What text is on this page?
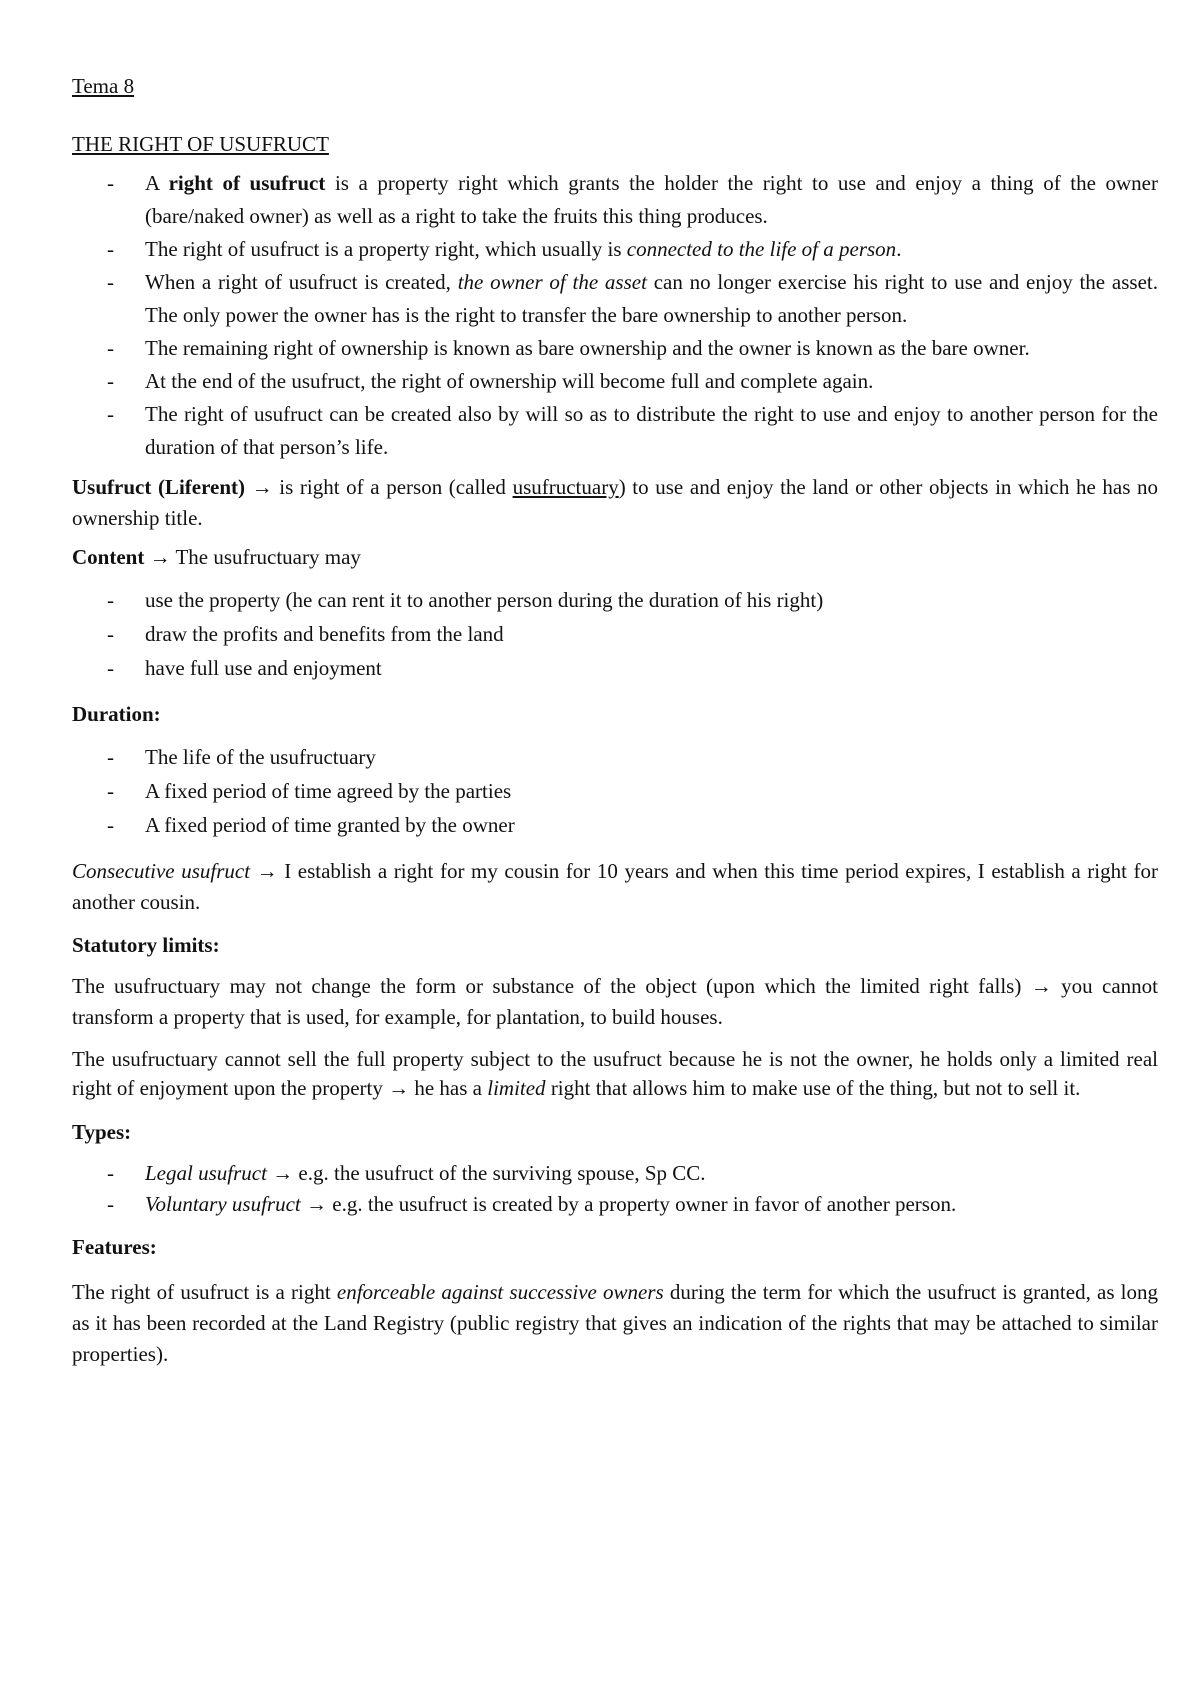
Tema 8
THE RIGHT OF USUFRUCT
- A right of usufruct is a property right which grants the holder the right to use and enjoy a thing of the owner (bare/naked owner) as well as a right to take the fruits this thing produces.
- The right of usufruct is a property right, which usually is connected to the life of a person.
- When a right of usufruct is created, the owner of the asset can no longer exercise his right to use and enjoy the asset. The only power the owner has is the right to transfer the bare ownership to another person.
- The remaining right of ownership is known as bare ownership and the owner is known as the bare owner.
- At the end of the usufruct, the right of ownership will become full and complete again.
- The right of usufruct can be created also by will so as to distribute the right to use and enjoy to another person for the duration of that person’s life.

Usufruct (Liferent) → is right of a person (called usufructuary) to use and enjoy the land or other objects in which he has no ownership title.

Content → The usufructuary may

- use the property (he can rent it to another person during the duration of his right)
- draw the profits and benefits from the land
- have full use and enjoyment

Duration:

- The life of the usufructuary
- A fixed period of time agreed by the parties
- A fixed period of time granted by the owner

Consecutive usufruct → I establish a right for my cousin for 10 years and when this time period expires, I establish a right for another cousin.

Statutory limits:

The usufructuary may not change the form or substance of the object (upon which the limited right falls) → you cannot transform a property that is used, for example, for plantation, to build houses.

The usufructuary cannot sell the full property subject to the usufruct because he is not the owner, he holds only a limited real right of enjoyment upon the property → he has a limited right that allows him to make use of the thing, but not to sell it.

Types:

- Legal usufruct → e.g. the usufruct of the surviving spouse, Sp CC.
- Voluntary usufruct → e.g. the usufruct is created by a property owner in favor of another person.

Features:

The right of usufruct is a right enforceable against successive owners during the term for which the usufruct is granted, as long as it has been recorded at the Land Registry (public registry that gives an indication of the rights that may be attached to similar properties).
